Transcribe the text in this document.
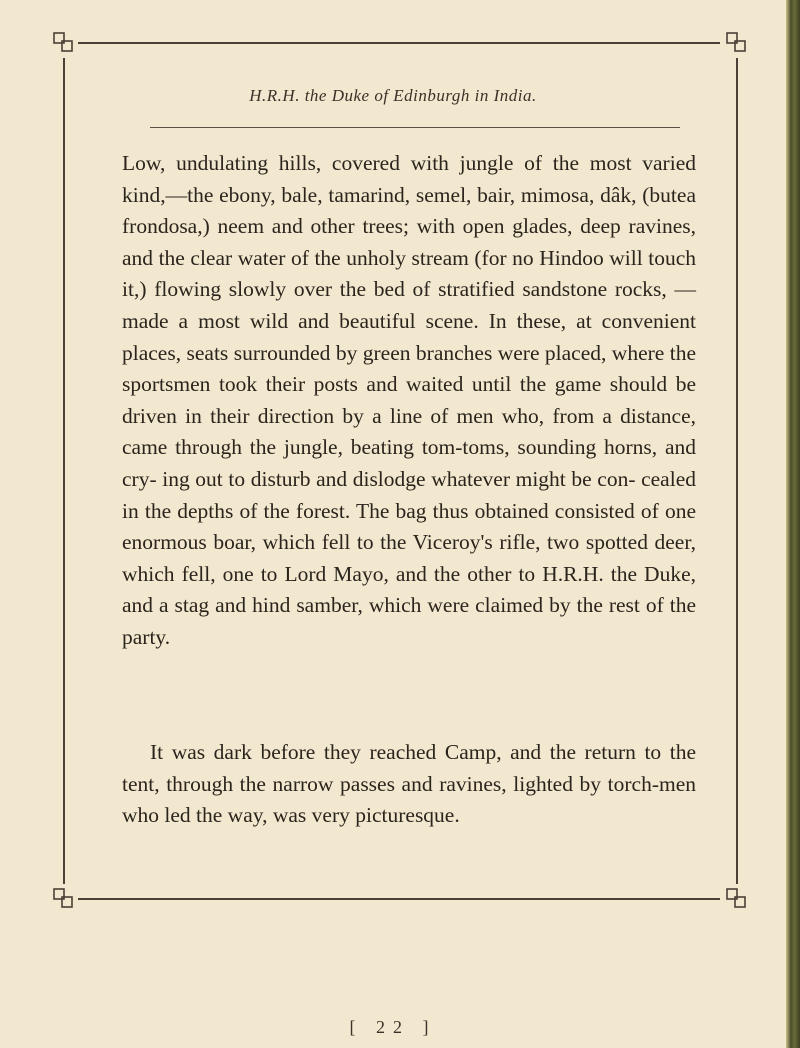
H.R.H. the Duke of Edinburgh in India.

Low, undulating hills, covered with jungle of the most varied kind,—the ebony, bale, tamarind, semel, bair, mimosa, dâk, (butea frondosa,) neem and other trees; with open glades, deep ravines, and the clear water of the unholy stream (for no Hindoo will touch it,) flowing slowly over the bed of stratified sandstone rocks, —made a most wild and beautiful scene. In these, at convenient places, seats surrounded by green branches were placed, where the sportsmen took their posts and waited until the game should be driven in their direction by a line of men who, from a distance, came through the jungle, beating tom-toms, sounding horns, and cry- ing out to disturb and dislodge whatever might be con- cealed in the depths of the forest. The bag thus obtained consisted of one enormous boar, which fell to the Viceroy's rifle, two spotted deer, which fell, one to Lord Mayo, and the other to H.R.H. the Duke, and a stag and hind samber, which were claimed by the rest of the party.

It was dark before they reached Camp, and the return to the tent, through the narrow passes and ravines, lighted by torch-men who led the way, was very picturesque.

[ 22 ]
